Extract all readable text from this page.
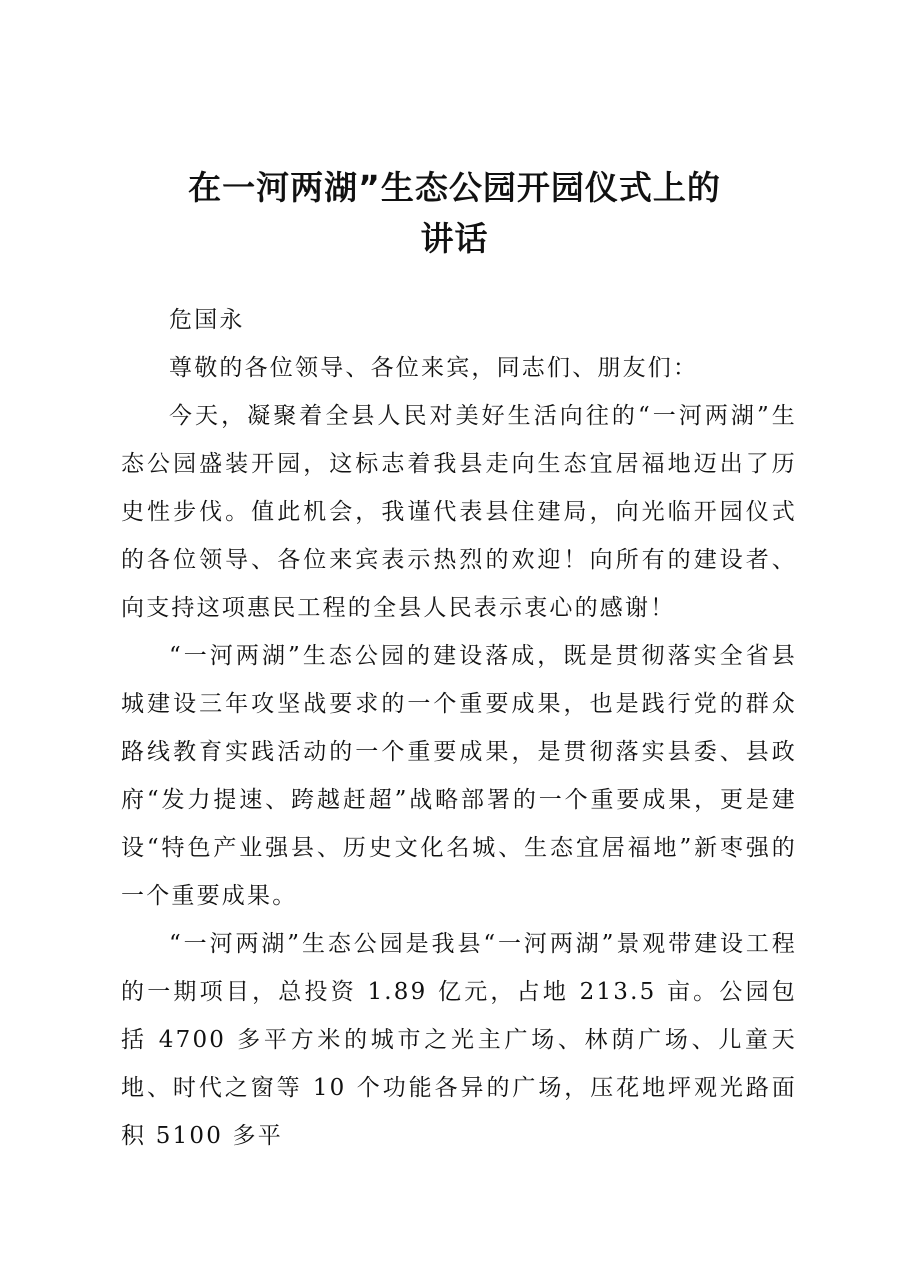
在一河两湖”生态公园开园仪式上的
讲话

危国永

尊敬的各位领导、各位来宾，同志们、朋友们：

今天，凝聚着全县人民对美好生活向往的“一河两湖”生态公园盛装开园，这标志着我县走向生态宜居福地迈出了历史性步伐。值此机会，我谨代表县住建局，向光临开园仪式的各位领导、各位来宾表示热烈的欢迎！向所有的建设者、向支持这项惠民工程的全县人民表示衷心的感谢！

“一河两湖”生态公园的建设落成，既是贯彻落实全省县城建设三年攻坚战要求的一个重要成果，也是践行党的群众路线教育实践活动的一个重要成果，是贯彻落实县委、县政府“发力提速、跨越赶超”战略部署的一个重要成果，更是建设“特色产业强县、历史文化名城、生态宜居福地”新枣强的一个重要成果。

“一河两湖”生态公园是我县“一河两湖”景观带建设工程的一期项目，总投资 1.89 亿元，占地 213.5 亩。公园包括 4700 多平方米的城市之光主广场、林荫广场、儿童天地、时代之窗等 10 个功能各异的广场，压花地坪观光路面积 5100 多平
